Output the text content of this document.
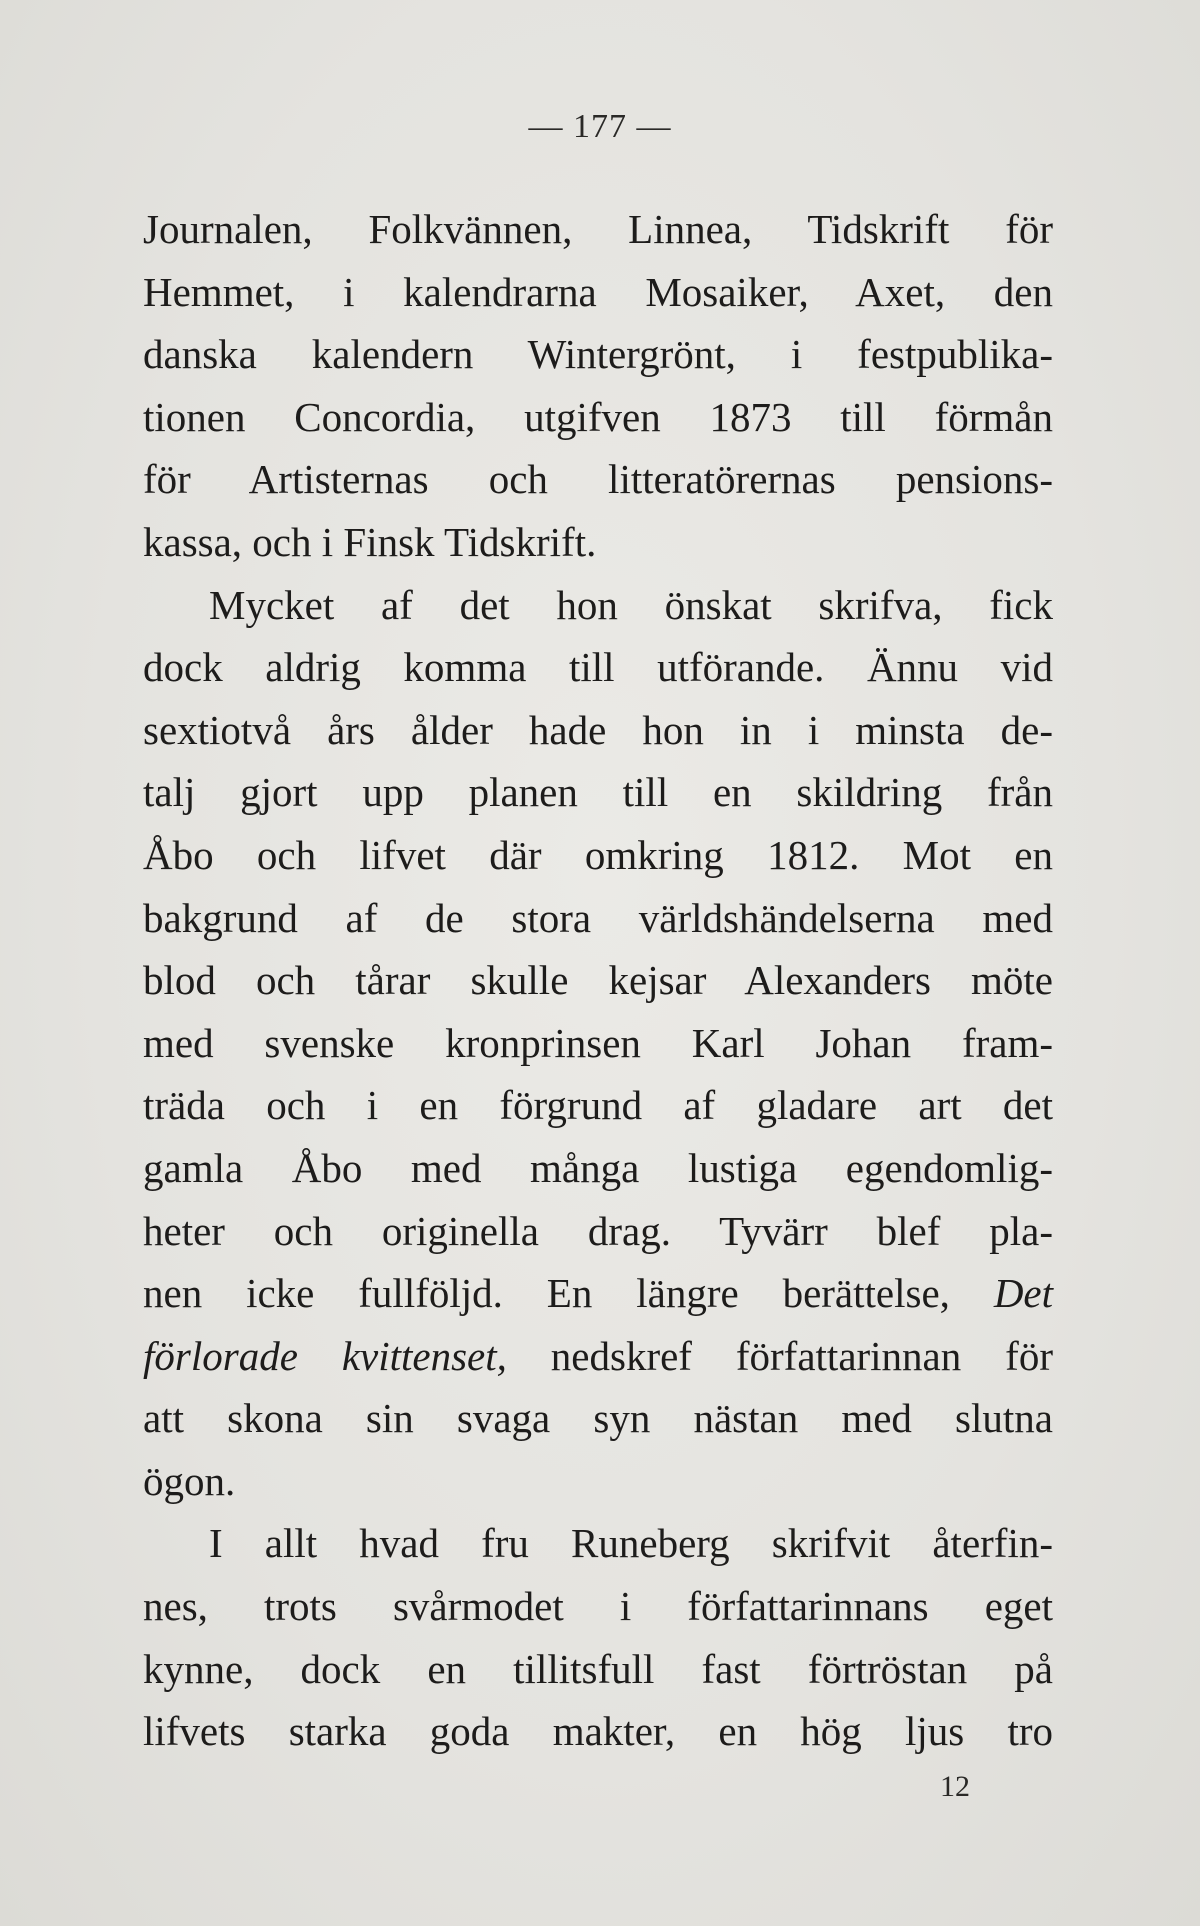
— 177 —
Journalen, Folkvännen, Linnea, Tidskrift för
Hemmet, i kalendrarna Mosaiker, Axet, den
danska kalendern Wintergrönt, i festpublika-
tionen Concordia, utgifven 1873 till förmån
för Artisternas och litteratörernas pensions-
kassa, och i Finsk Tidskrift.
Mycket af det hon önskat skrifva, fick
dock aldrig komma till utförande. Ännu vid
sextiotvå års ålder hade hon in i minsta de-
talj gjort upp planen till en skildring från
Åbo och lifvet där omkring 1812. Mot en
bakgrund af de stora världshändelserna med
blod och tårar skulle kejsar Alexanders möte
med svenske kronprinsen Karl Johan fram-
träda och i en förgrund af gladare art det
gamla Åbo med många lustiga egendomlig-
heter och originella drag. Tyvärr blef pla-
nen icke fullföljd. En längre berättelse, Det
förlorade kvittenset, nedskref författarinnan för
att skona sin svaga syn nästan med slutna
ögon.
I allt hvad fru Runeberg skrifvit återfin-
nes, trots svårmodet i författarinnans eget
kynne, dock en tillitsfull fast förtröstan på
lifvets starka goda makter, en hög ljus tro
12
